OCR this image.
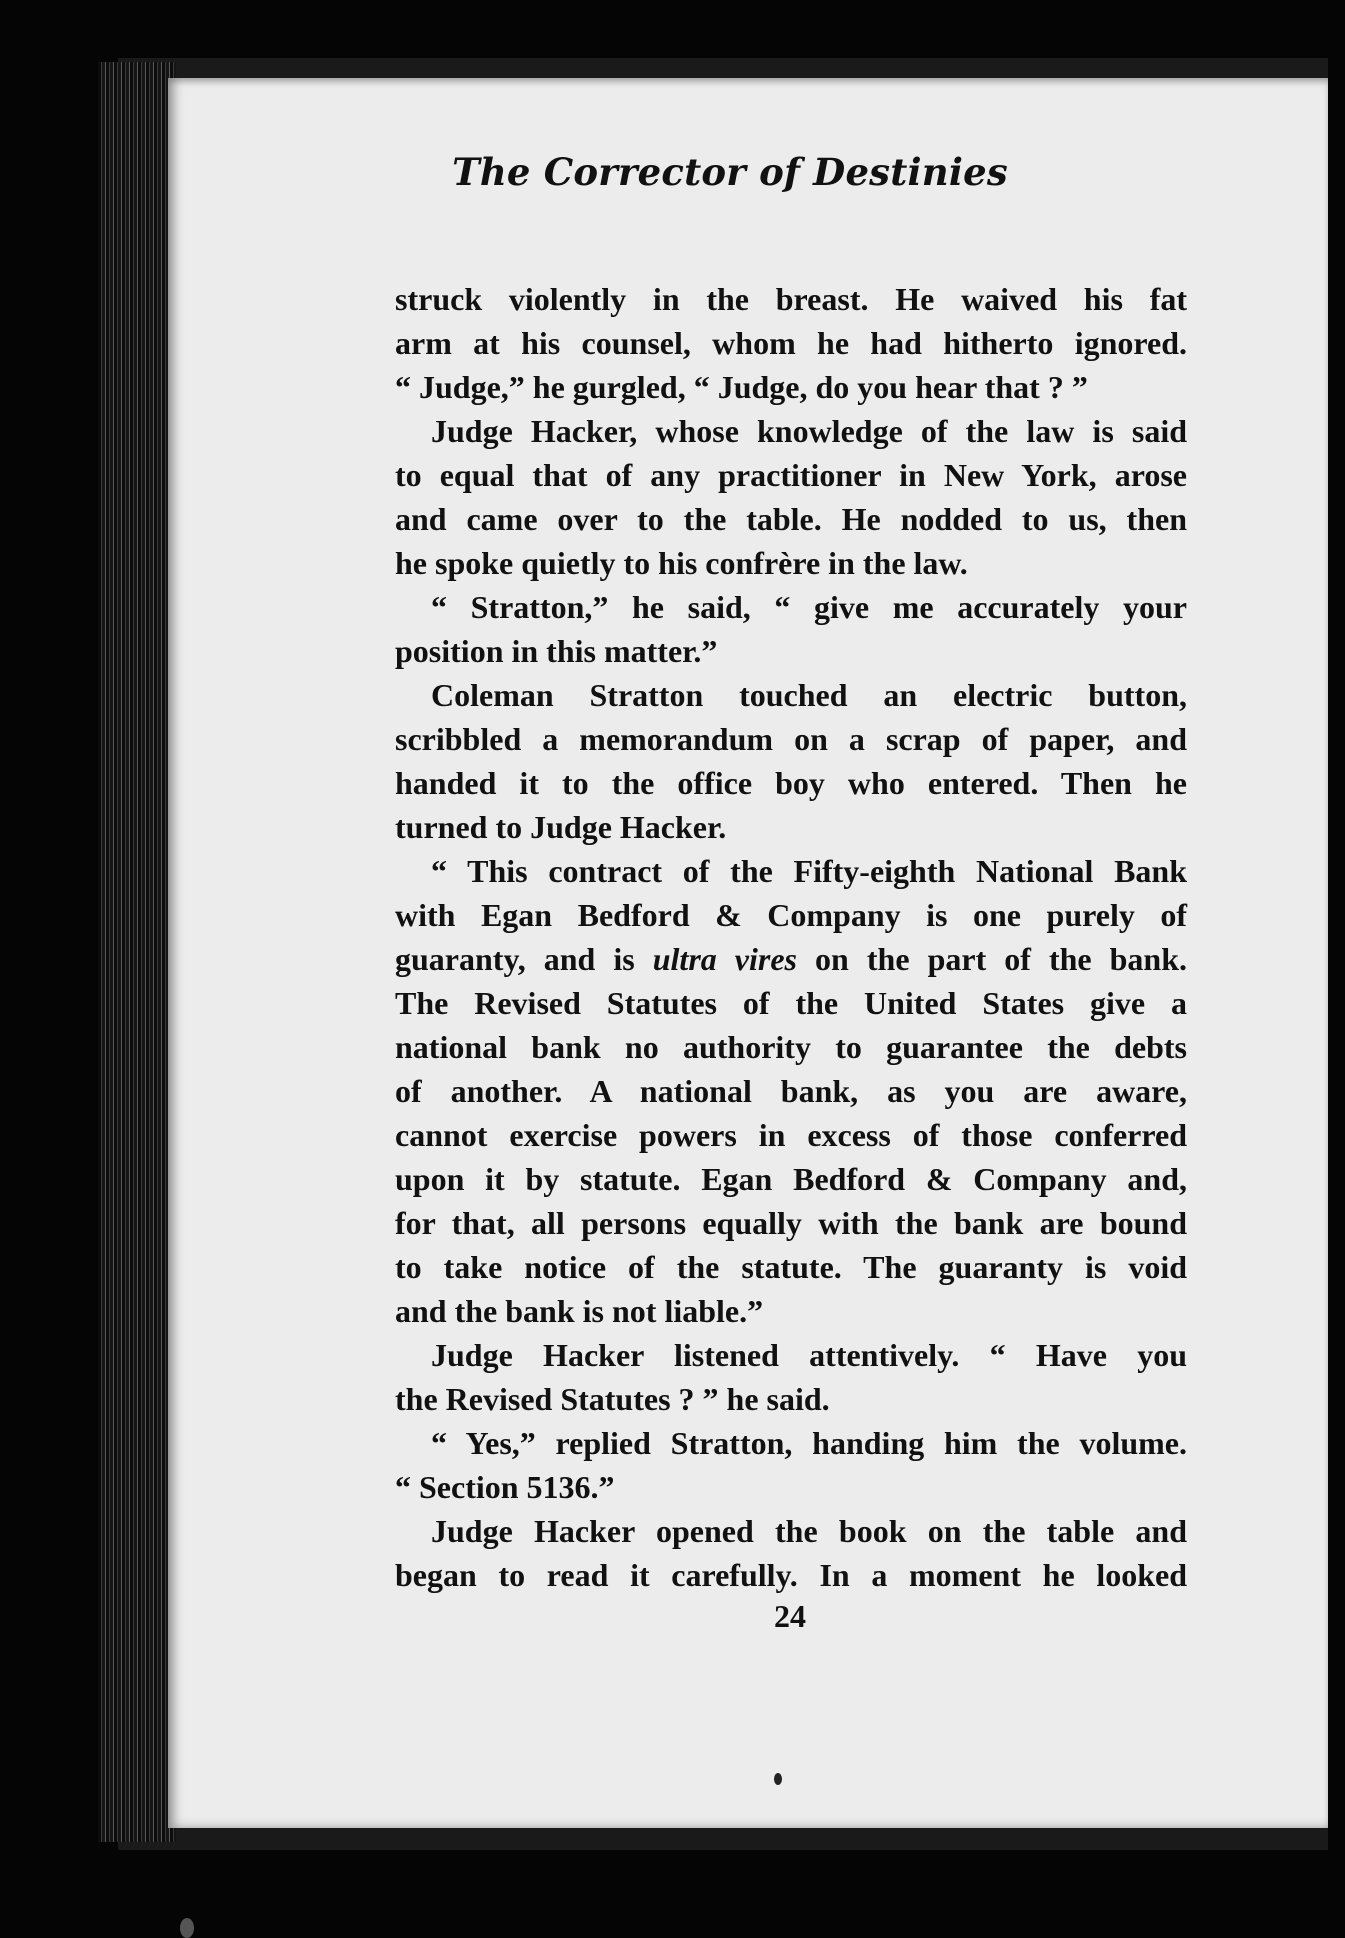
The Corrector of Destinies
struck violently in the breast. He waived his fat
arm at his counsel, whom he had hitherto ignored.
“ Judge,” he gurgled, “ Judge, do you hear that ? ”
Judge Hacker, whose knowledge of the law is said
to equal that of any practitioner in New York, arose
and came over to the table. He nodded to us, then
he spoke quietly to his confrère in the law.
“ Stratton,” he said, “ give me accurately your
position in this matter.”
Coleman Stratton touched an electric button,
scribbled a memorandum on a scrap of paper, and
handed it to the office boy who entered. Then he
turned to Judge Hacker.
“ This contract of the Fifty-eighth National Bank
with Egan Bedford & Company is one purely of
guaranty, and is ultra vires on the part of the bank.
The Revised Statutes of the United States give a
national bank no authority to guarantee the debts
of another. A national bank, as you are aware,
cannot exercise powers in excess of those conferred
upon it by statute. Egan Bedford & Company and,
for that, all persons equally with the bank are bound
to take notice of the statute. The guaranty is void
and the bank is not liable.”
Judge Hacker listened attentively. “ Have you
the Revised Statutes ? ” he said.
“ Yes,” replied Stratton, handing him the volume.
“ Section 5136.”
Judge Hacker opened the book on the table and
began to read it carefully. In a moment he looked
24
